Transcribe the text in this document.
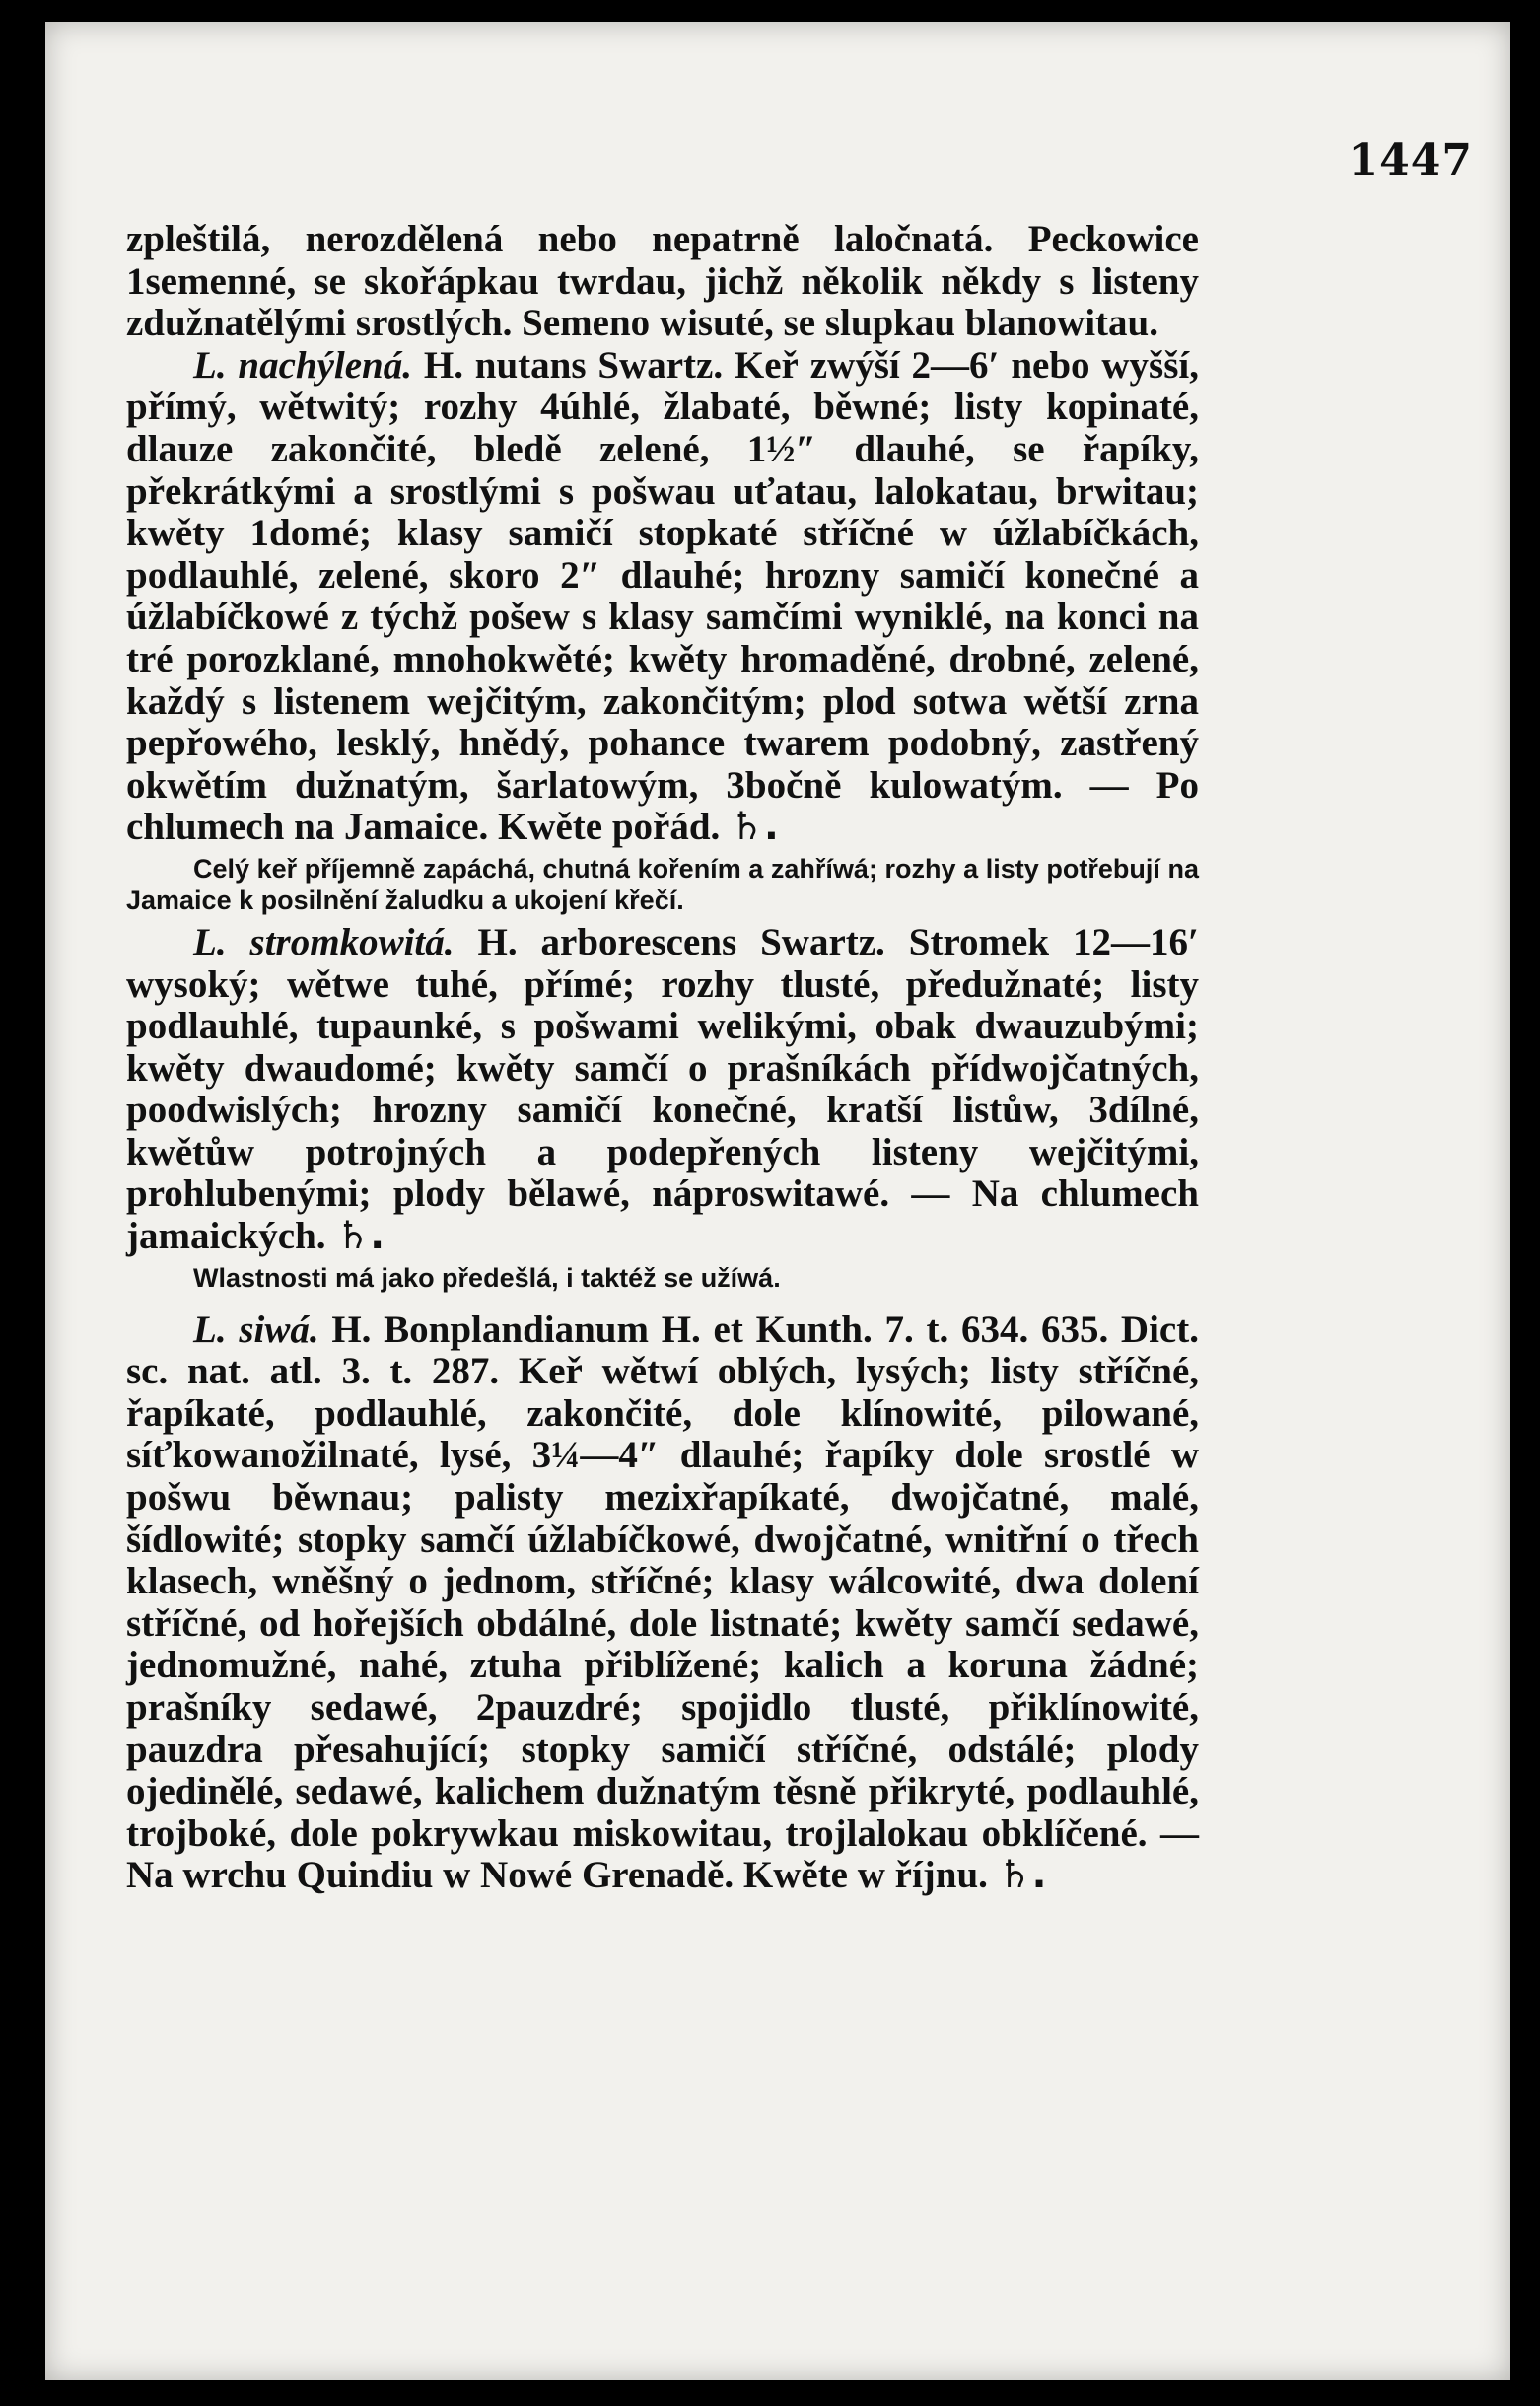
1447

zpleštilá, nerozdělená nebo nepatrně laločnatá. Peckowice 1semenné, se skořápkau twrdau, jichž několik někdy s listeny zdužnatělými srostlých. Semeno wisuté, se slupkau blanowitau.

L. nachýlená. H. nutans Swartz. Keř zwýší 2—6′ nebo wyšší, přímý, wětwitý; rozhy 4úhlé, žlabaté, běwné; listy kopinaté, dlauze zakončité, bledě zelené, 1½″ dlauhé, se řapíky, překrátkými a srostlými s pošwau uťatau, lalokatau, brwitau; kwěty 1domé; klasy samičí stopkaté stříčné w úžlabíčkách, podlauhlé, zelené, skoro 2″ dlauhé; hrozny samičí konečné a úžlabíčkowé z týchž pošew s klasy samčími wyniklé, na konci na tré porozklané, mnohokwěté; kwěty hromaděné, drobné, zelené, každý s listenem wejčitým, zakončitým; plod sotwa wětší zrna pepřowého, lesklý, hnědý, pohance twarem podobný, zastřený okwětím dužnatým, šarlatowým, 3bočně kulowatým. — Po chlumech na Jamaice. Kwěte pořád. ♄.

Celý keř příjemně zapáchá, chutná kořením a zahříwá; rozhy a listy potřebují na Jamaice k posilnění žaludku a ukojení křečí.

L. stromkowitá. H. arborescens Swartz. Stromek 12—16′ wysoký; wětwe tuhé, přímé; rozhy tlusté, předužnaté; listy podlauhlé, tupaunké, s pošwami welikými, obak dwauzubými; kwěty dwaudomé; kwěty samčí o prašníkách přídwojčatných, poodwislých; hrozny samičí konečné, kratší listůw, 3dílné, kwětůw potrojných a podepřených listeny wejčitými, prohlubenými; plody bělawé, náproswitawé. — Na chlumech jamaických. ♄.

Wlastnosti má jako předešlá, i taktéž se užíwá.

L. siwá. H. Bonplandianum H. et Kunth. 7. t. 634. 635. Dict. sc. nat. atl. 3. t. 287. Keř wětwí oblých, lysých; listy stříčné, řapíkaté, podlauhlé, zakončité, dole klínowité, pilowané, síťkowanožilnaté, lysé, 3¼—4″ dlauhé; řapíky dole srostlé w pošwu běwnau; palisty mezixřapíkaté, dwojčatné, malé, šídlowité; stopky samčí úžlabíčkowé, dwojčatné, wnitřní o třech klasech, wněšný o jednom, stříčné; klasy wálcowité, dwa dolení stříčné, od hořejších obdálné, dole listnaté; kwěty samčí sedawé, jednomužné, nahé, ztuha přiblížené; kalich a koruna žádné; prašníky sedawé, 2pauzdré; spojidlo tlusté, přiklínowité, pauzdra přesahující; stopky samičí stříčné, odstálé; plody ojedinělé, sedawé, kalichem dužnatým těsně přikryté, podlauhlé, trojboké, dole pokrywkau miskowitau, trojlalokau obklíčené. — Na wrchu Quindiu w Nowé Grenadě. Kwěte w říjnu. ♄.
